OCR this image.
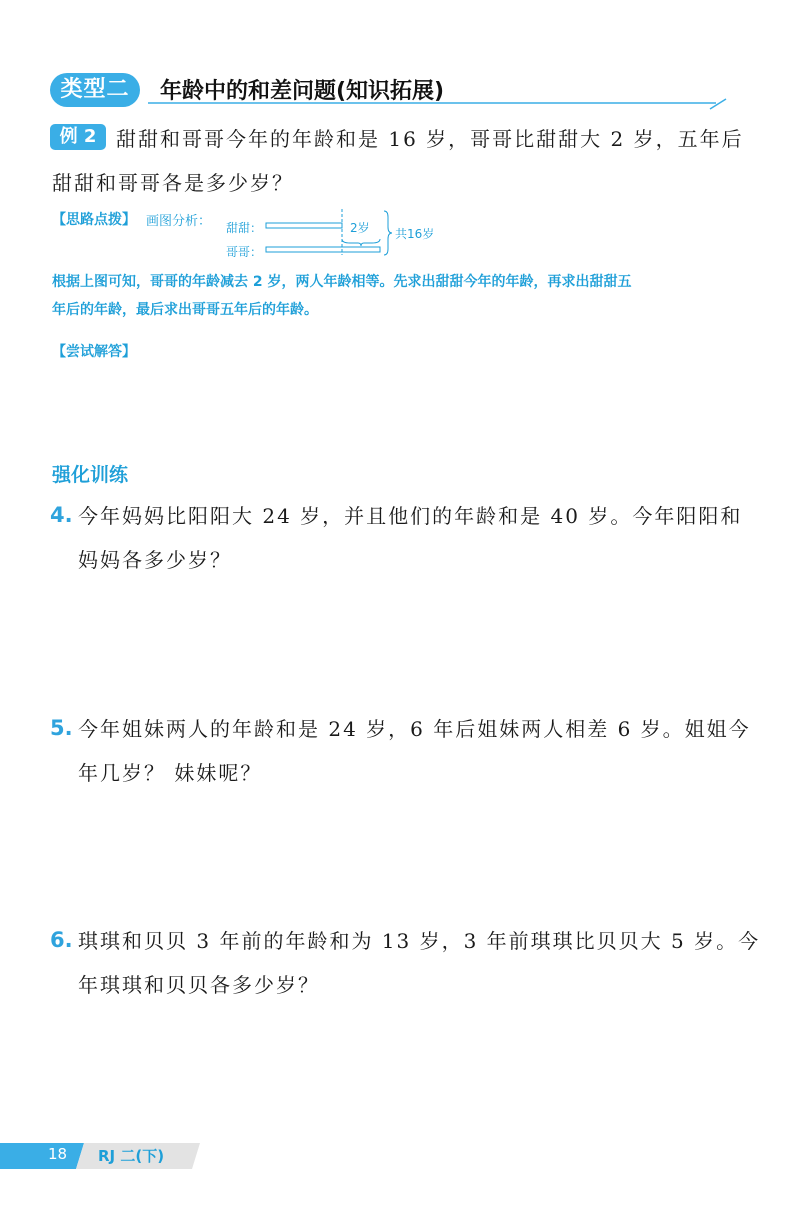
类型二	年龄中的和差问题(知识拓展)
例 2 甜甜和哥哥今年的年龄和是 16 岁，哥哥比甜甜大 2 岁，五年后
甜甜和哥哥各是多少岁？
【思路点拨】 画图分析： 甜甜：
哥哥：
2岁 共16岁
根据上图可知，哥哥的年龄减去 2 岁，两人年龄相等。先求出甜甜今年的年龄，再求出甜甜五
年后的年龄，最后求出哥哥五年后的年龄。
【尝试解答】
强化训练
4. 今年妈妈比阳阳大 24 岁，并且他们的年龄和是 40 岁。今年阳阳和
妈妈各多少岁？
5. 今年姐妹两人的年龄和是 24 岁，6 年后姐妹两人相差 6 岁。姐姐今
年几岁？ 妹妹呢？
6. 琪琪和贝贝 3 年前的年龄和为 13 岁，3 年前琪琪比贝贝大 5 岁。今
年琪琪和贝贝各多少岁？
18 RJ 二(下)
